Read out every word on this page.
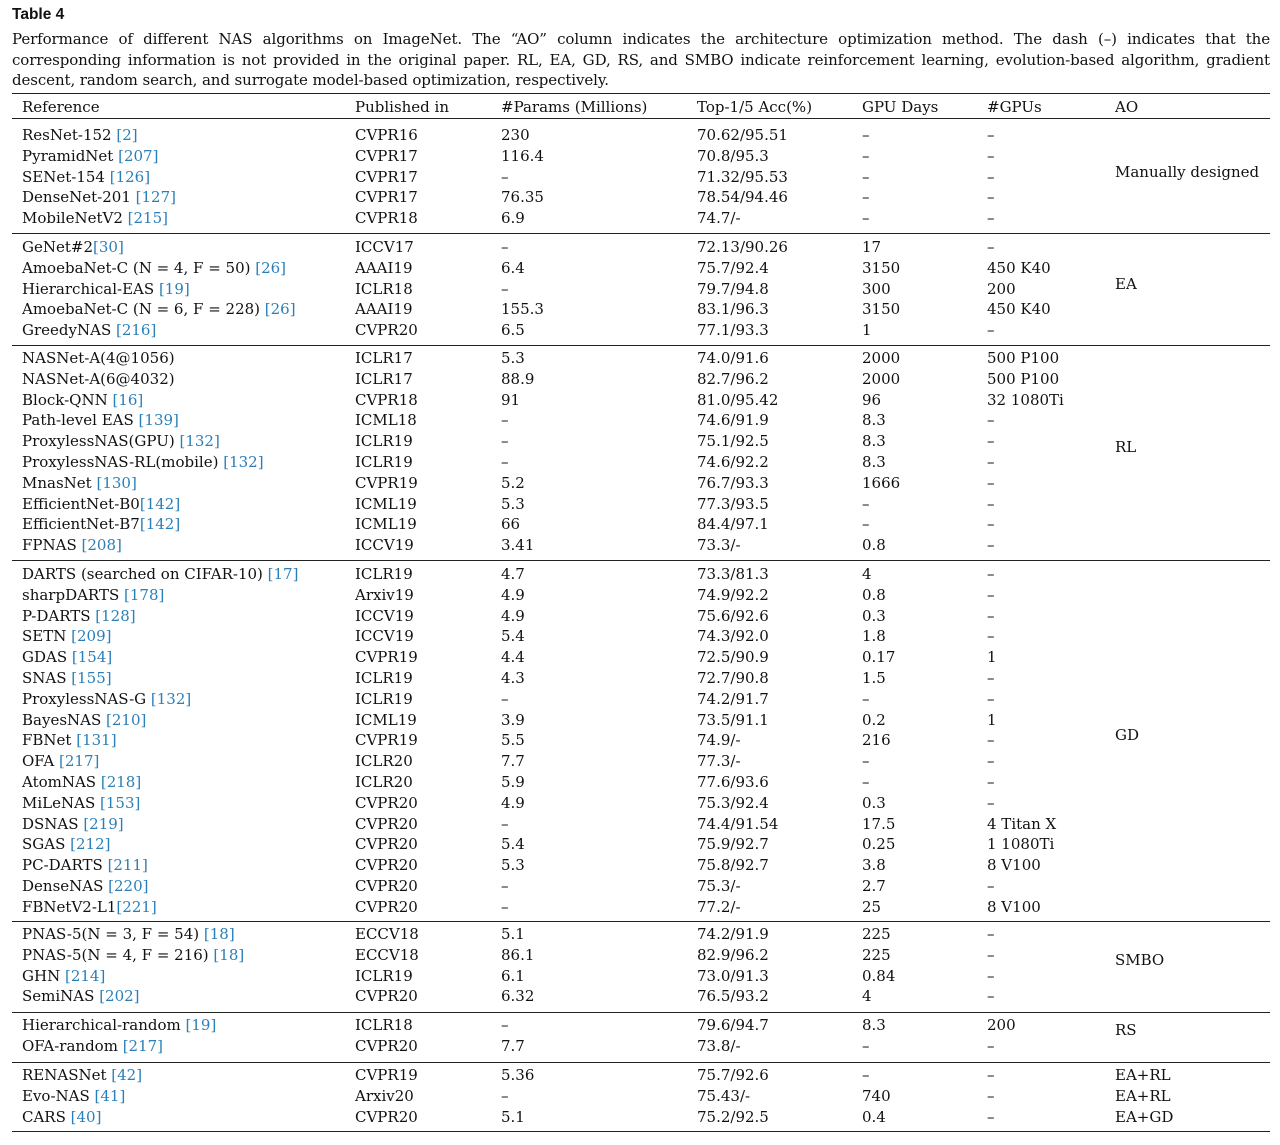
Table 4
Performance of different NAS algorithms on ImageNet. The “AO” column indicates the architecture optimization method. The dash (–) indicates that the corresponding information is not provided in the original paper. RL, EA, GD, RS, and SMBO indicate reinforcement learning, evolution-based algorithm, gradient descent, random search, and surrogate model-based optimization, respectively.
Reference	Published in	#Params (Millions)	Top-1/5 Acc(%)	GPU Days	#GPUs	AO
ResNet-152 [2]	CVPR16	230	70.62/95.51	–	–
PyramidNet [207]	CVPR17	116.4	70.8/95.3	–	–
SENet-154 [126]	CVPR17	–	71.32/95.53	–	–
DenseNet-201 [127]	CVPR17	76.35	78.54/94.46	–	–
MobileNetV2 [215]	CVPR18	6.9	74.7/-	–	–
Manually designed
GeNet#2[30]	ICCV17	–	72.13/90.26	17	–
AmoebaNet-C (N = 4, F = 50) [26]	AAAI19	6.4	75.7/92.4	3150	450 K40
Hierarchical-EAS [19]	ICLR18	–	79.7/94.8	300	200
AmoebaNet-C (N = 6, F = 228) [26]	AAAI19	155.3	83.1/96.3	3150	450 K40
GreedyNAS [216]	CVPR20	6.5	77.1/93.3	1	–
EA
NASNet-A(4@1056)	ICLR17	5.3	74.0/91.6	2000	500 P100
NASNet-A(6@4032)	ICLR17	88.9	82.7/96.2	2000	500 P100
Block-QNN [16]	CVPR18	91	81.0/95.42	96	32 1080Ti
Path-level EAS [139]	ICML18	–	74.6/91.9	8.3	–
ProxylessNAS(GPU) [132]	ICLR19	–	75.1/92.5	8.3	–
ProxylessNAS-RL(mobile) [132]	ICLR19	–	74.6/92.2	8.3	–
MnasNet [130]	CVPR19	5.2	76.7/93.3	1666	–
EfficientNet-B0[142]	ICML19	5.3	77.3/93.5	–	–
EfficientNet-B7[142]	ICML19	66	84.4/97.1	–	–
FPNAS [208]	ICCV19	3.41	73.3/-	0.8	–
RL
DARTS (searched on CIFAR-10) [17]	ICLR19	4.7	73.3/81.3	4	–
sharpDARTS [178]	Arxiv19	4.9	74.9/92.2	0.8	–
P-DARTS [128]	ICCV19	4.9	75.6/92.6	0.3	–
SETN [209]	ICCV19	5.4	74.3/92.0	1.8	–
GDAS [154]	CVPR19	4.4	72.5/90.9	0.17	1
SNAS [155]	ICLR19	4.3	72.7/90.8	1.5	–
ProxylessNAS-G [132]	ICLR19	–	74.2/91.7	–	–
BayesNAS [210]	ICML19	3.9	73.5/91.1	0.2	1
FBNet [131]	CVPR19	5.5	74.9/-	216	–
OFA [217]	ICLR20	7.7	77.3/-	–	–
AtomNAS [218]	ICLR20	5.9	77.6/93.6	–	–
MiLeNAS [153]	CVPR20	4.9	75.3/92.4	0.3	–
DSNAS [219]	CVPR20	–	74.4/91.54	17.5	4 Titan X
SGAS [212]	CVPR20	5.4	75.9/92.7	0.25	1 1080Ti
PC-DARTS [211]	CVPR20	5.3	75.8/92.7	3.8	8 V100
DenseNAS [220]	CVPR20	–	75.3/-	2.7	–
FBNetV2-L1[221]	CVPR20	–	77.2/-	25	8 V100
GD
PNAS-5(N = 3, F = 54) [18]	ECCV18	5.1	74.2/91.9	225	–
PNAS-5(N = 4, F = 216) [18]	ECCV18	86.1	82.9/96.2	225	–
GHN [214]	ICLR19	6.1	73.0/91.3	0.84	–
SemiNAS [202]	CVPR20	6.32	76.5/93.2	4	–
SMBO
Hierarchical-random [19]	ICLR18	–	79.6/94.7	8.3	200
OFA-random [217]	CVPR20	7.7	73.8/-	–	–
RS
RENASNet [42]	CVPR19	5.36	75.7/92.6	–	–	EA+RL
Evo-NAS [41]	Arxiv20	–	75.43/-	740	–	EA+RL
CARS [40]	CVPR20	5.1	75.2/92.5	0.4	–	EA+GD
